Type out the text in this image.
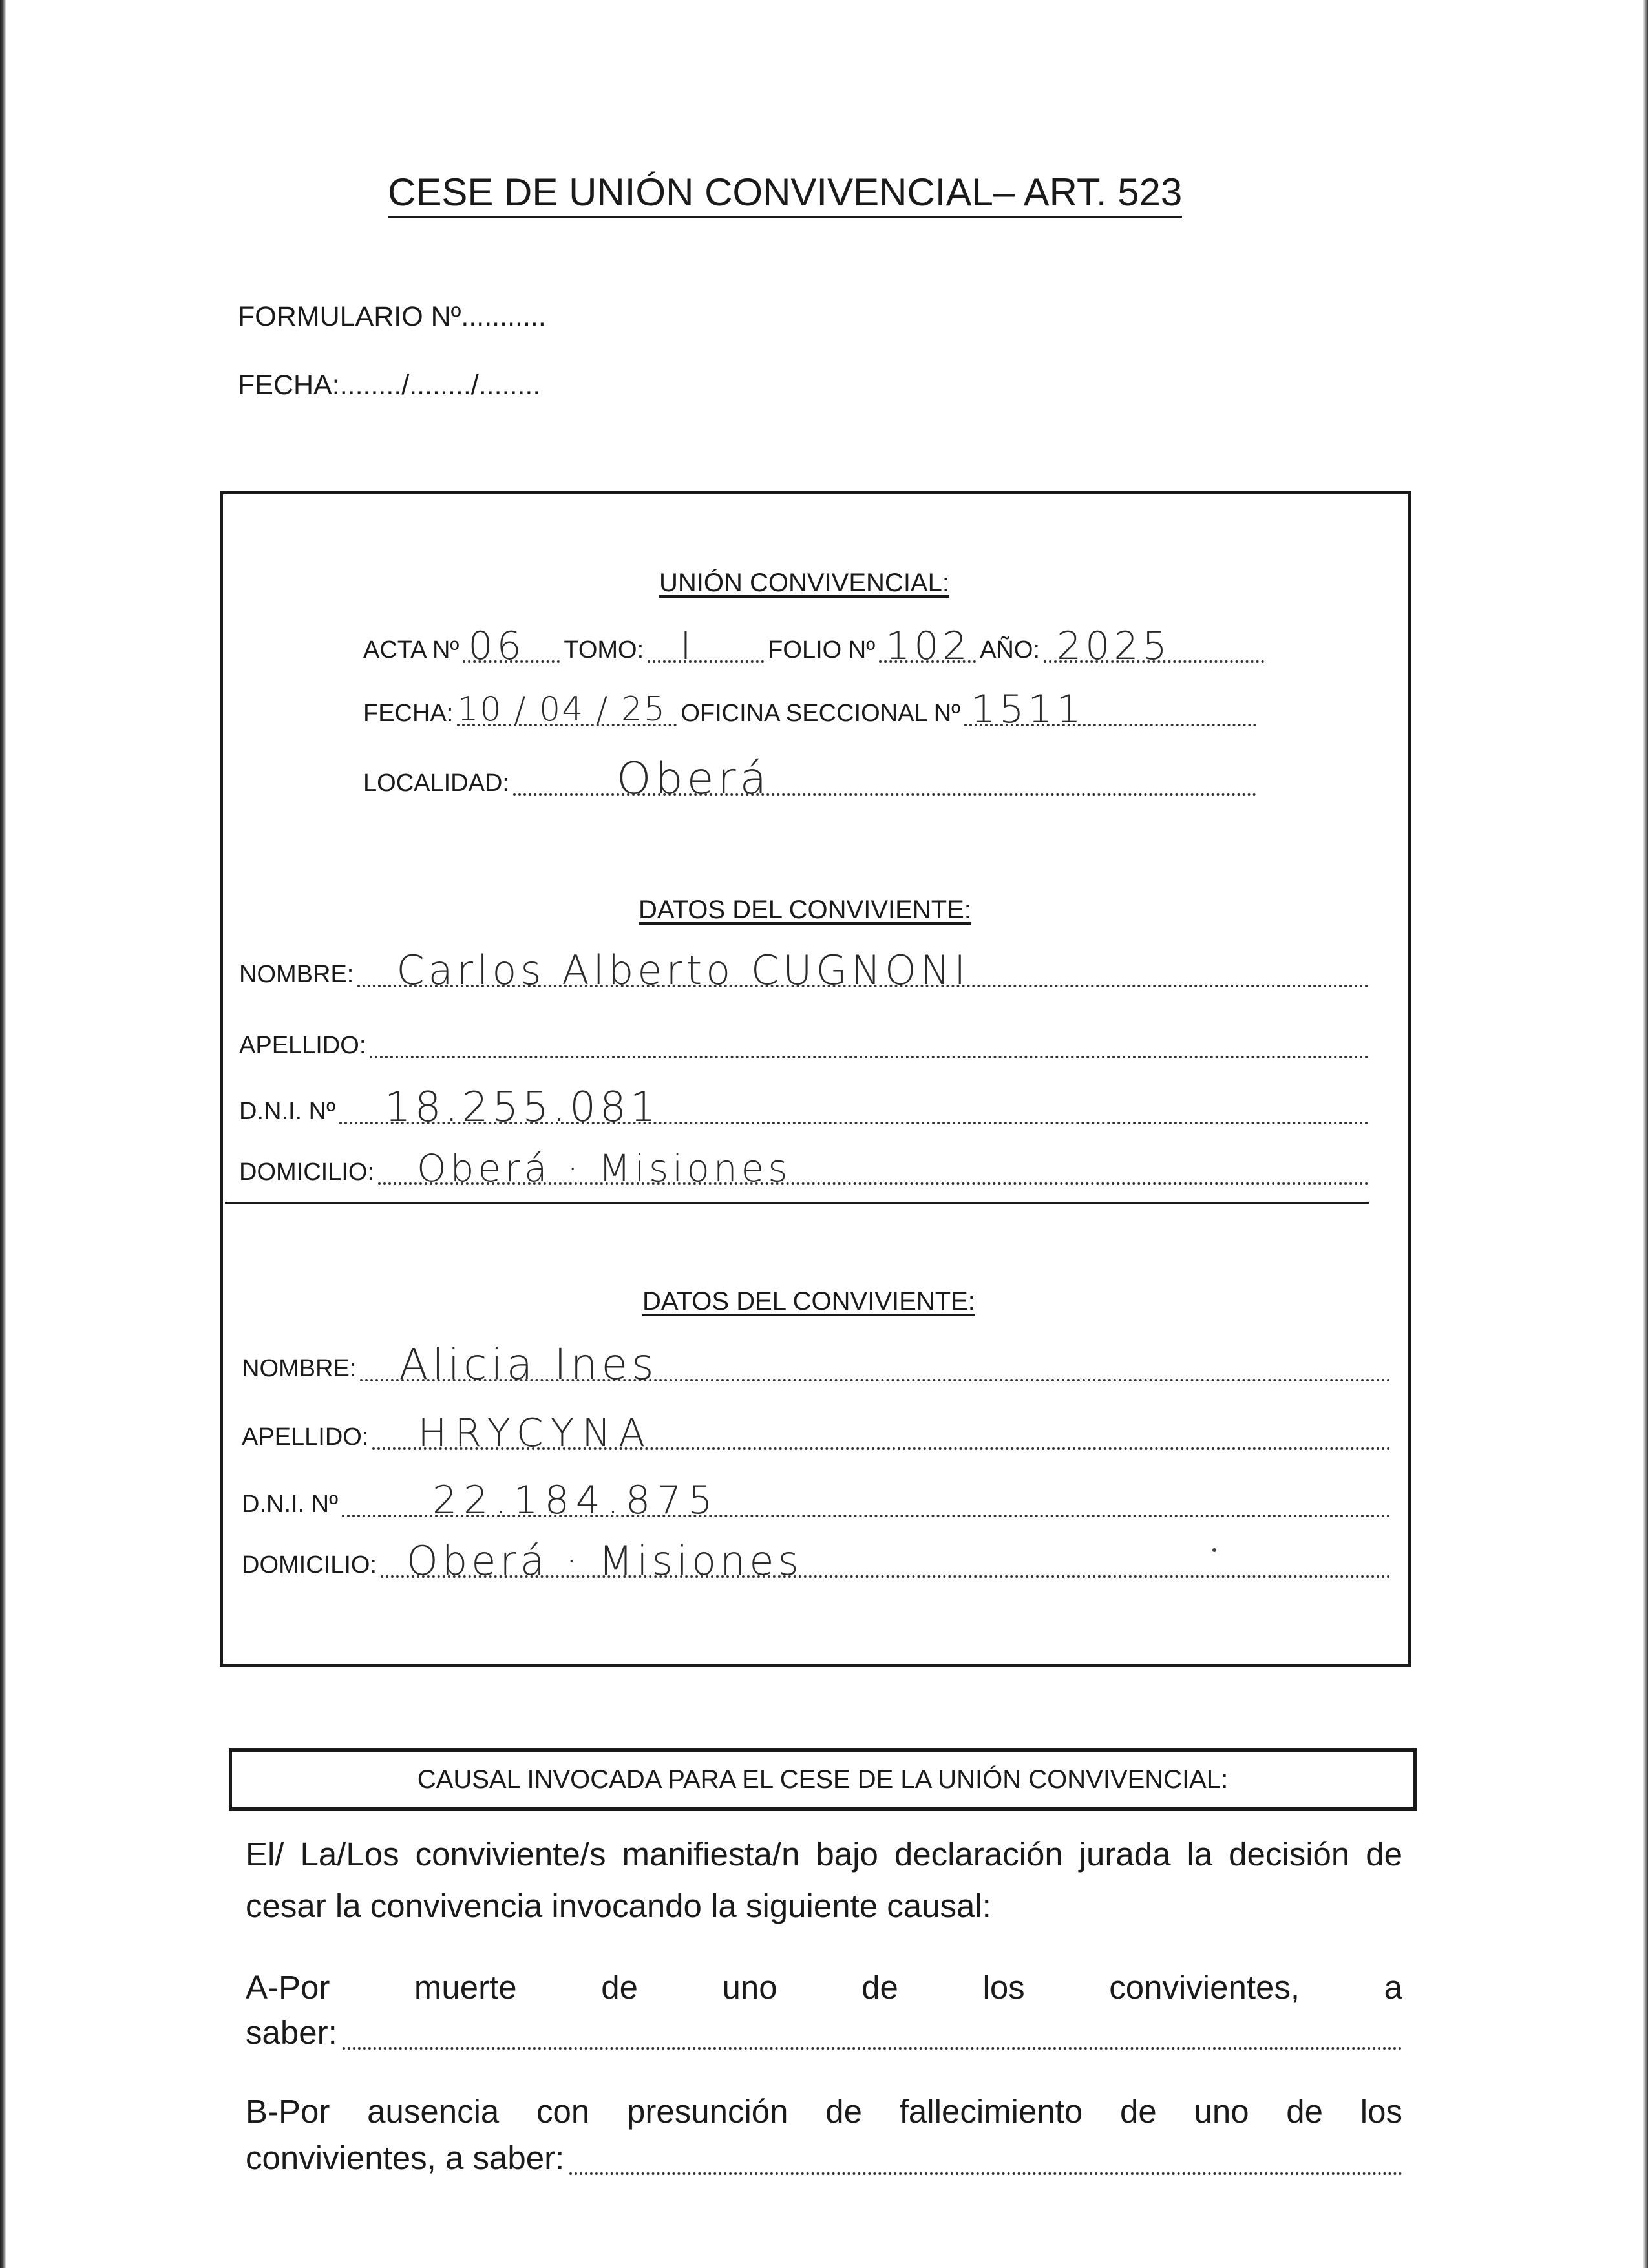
CESE DE UNIÓN CONVIVENCIAL– ART. 523
FORMULARIO Nº...........
FECHA:......../......../........
UNIÓN CONVIVENCIAL:
ACTA Nº 06 TOMO: I	FOLIO Nº 102 AÑO: 2025
FECHA: 10 / 04 / 25 OFICINA SECCIONAL Nº 1511
LOCALIDAD: Oberá
DATOS DEL CONVIVIENTE:
NOMBRE: Carlos Alberto CUGNONI
APELLIDO:
D.N.I. Nº 18.255.081
DOMICILIO: Oberá · Misiones
DATOS DEL CONVIVIENTE:
NOMBRE: Alicia Ines
APELLIDO: HRYCYNA
D.N.I. Nº 22.184.875
DOMICILIO: Oberá · Misiones
CAUSAL INVOCADA PARA EL CESE DE LA UNIÓN CONVIVENCIAL:
El/ La/Los conviviente/s manifiesta/n bajo declaración jurada la decisión de cesar la convivencia invocando la siguiente causal:
A-Por muerte de uno de los convivientes, a
saber:
B-Por ausencia con presunción de fallecimiento de uno de los
convivientes, a saber:
